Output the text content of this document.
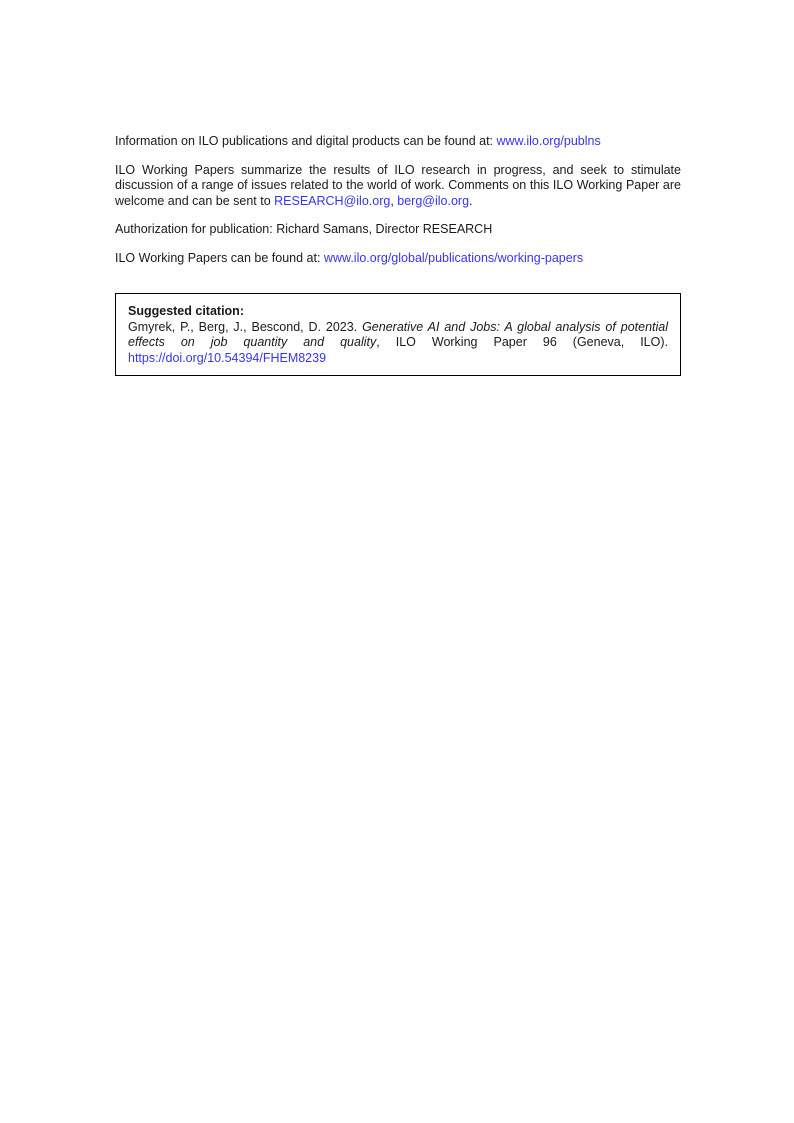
Information on ILO publications and digital products can be found at: www.ilo.org/publns

ILO Working Papers summarize the results of ILO research in progress, and seek to stimulate discussion of a range of issues related to the world of work. Comments on this ILO Working Paper are welcome and can be sent to RESEARCH@ilo.org, berg@ilo.org.

Authorization for publication: Richard Samans, Director RESEARCH

ILO Working Papers can be found at: www.ilo.org/global/publications/working-papers

Suggested citation:

Gmyrek, P., Berg, J., Bescond, D. 2023. Generative AI and Jobs: A global analysis of potential effects on job quantity and quality, ILO Working Paper 96 (Geneva, ILO). https://doi.org/10.54394/FHEM8239
